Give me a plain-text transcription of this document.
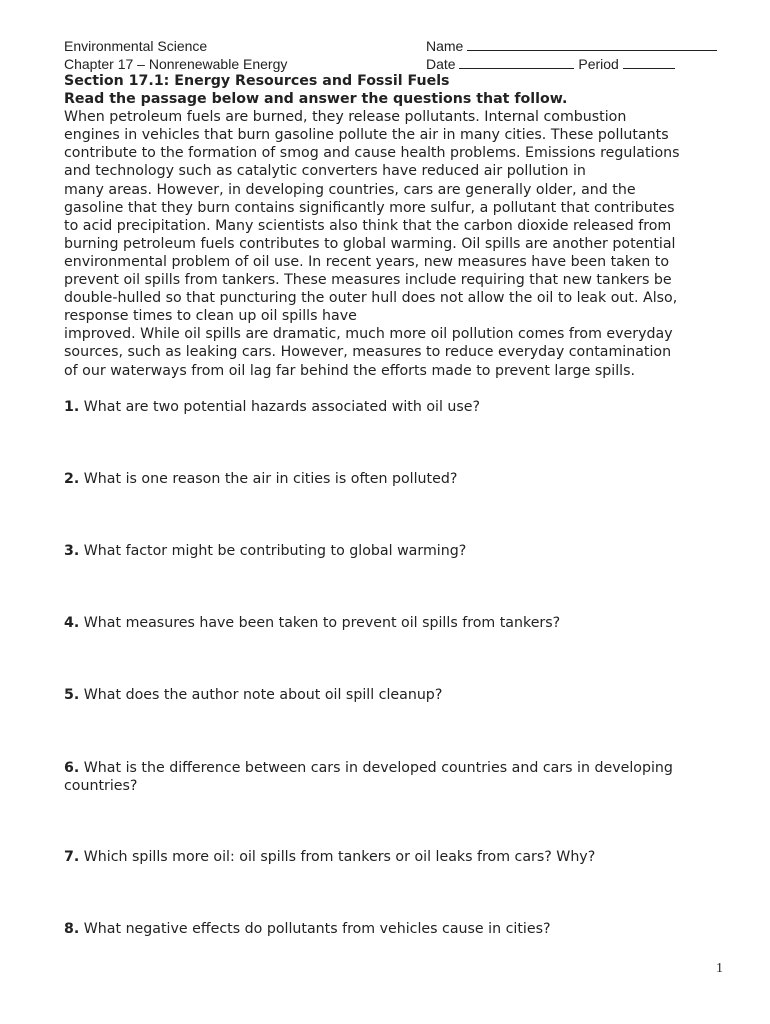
Environmental Science
Chapter 17 – Nonrenewable Energy
Name
Date	Period
Section 17.1: Energy Resources and Fossil Fuels
Read the passage below and answer the questions that follow.
When petroleum fuels are burned, they release pollutants. Internal combustion
engines in vehicles that burn gasoline pollute the air in many cities. These pollutants
contribute to the formation of smog and cause health problems. Emissions regulations
and technology such as catalytic converters have reduced air pollution in
many areas. However, in developing countries, cars are generally older, and the
gasoline that they burn contains significantly more sulfur, a pollutant that contributes
to acid precipitation. Many scientists also think that the carbon dioxide released from
burning petroleum fuels contributes to global warming. Oil spills are another potential
environmental problem of oil use. In recent years, new measures have been taken to
prevent oil spills from tankers. These measures include requiring that new tankers be
double-hulled so that puncturing the outer hull does not allow the oil to leak out. Also,
response times to clean up oil spills have
improved. While oil spills are dramatic, much more oil pollution comes from everyday
sources, such as leaking cars. However, measures to reduce everyday contamination
of our waterways from oil lag far behind the efforts made to prevent large spills.
1. What are two potential hazards associated with oil use?
2. What is one reason the air in cities is often polluted?
3. What factor might be contributing to global warming?
4. What measures have been taken to prevent oil spills from tankers?
5. What does the author note about oil spill cleanup?
6. What is the difference between cars in developed countries and cars in developing countries?
7. Which spills more oil: oil spills from tankers or oil leaks from cars? Why?
8. What negative effects do pollutants from vehicles cause in cities?
1
